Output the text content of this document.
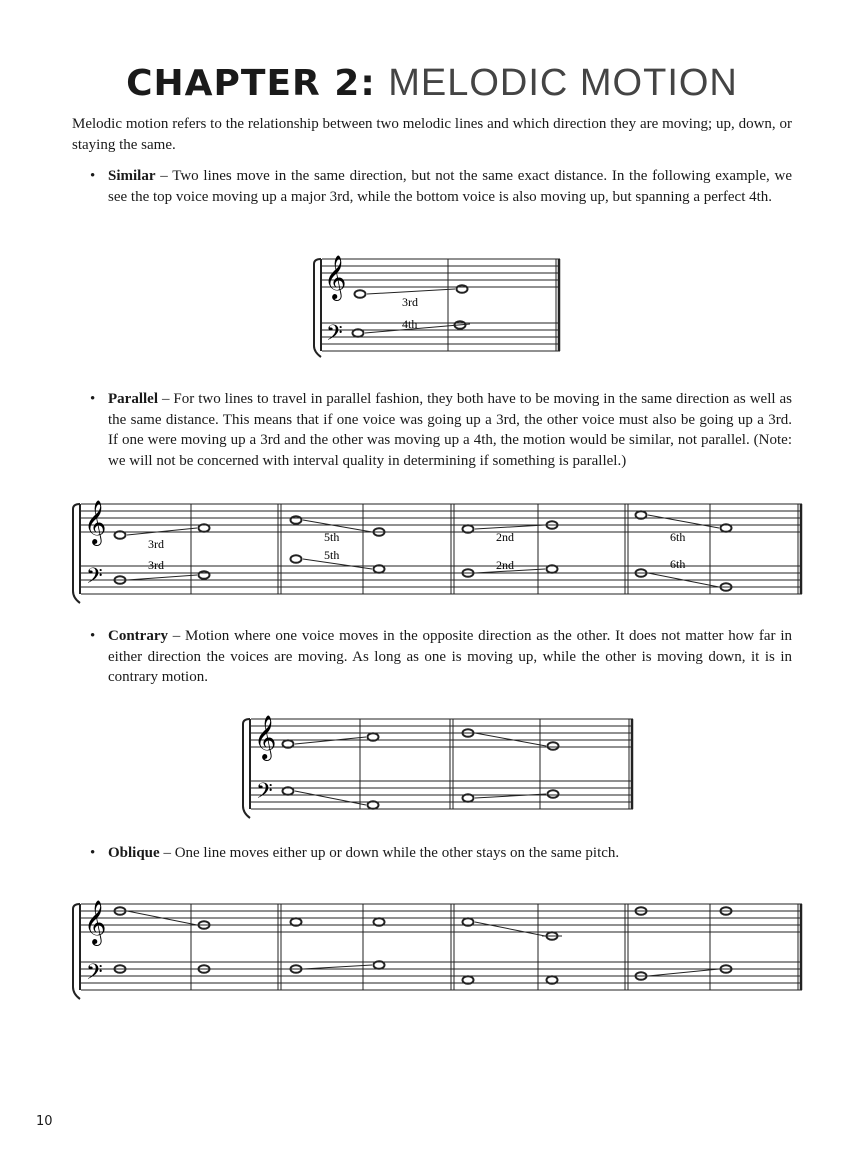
CHAPTER 2: MELODIC MOTION
Melodic motion refers to the relationship between two melodic lines and which direction they are moving; up, down, or staying the same.
• Similar – Two lines move in the same direction, but not the same exact distance. In the following example, we see the top voice moving up a major 3rd, while the bottom voice is also moving up, but spanning a perfect 4th.
• Parallel – For two lines to travel in parallel fashion, they both have to be moving in the same direction as well as the same distance. This means that if one voice was going up a 3rd, the other voice must also be going up a 3rd. If one were moving up a 3rd and the other was moving up a 4th, the motion would be similar, not parallel. (Note: we will not be concerned with interval quality in determining if something is parallel.)
• Contrary – Motion where one voice moves in the opposite direction as the other. It does not matter how far in either direction the voices are moving. As long as one is moving up, while the other is moving down, it is in contrary motion.
• Oblique – One line moves either up or down while the other stays on the same pitch.
𝄞
𝄢
3rd
4th
𝄞
𝄢
3rd
3rd
5th
5th
2nd
2nd
6th
6th
𝄞
𝄢
𝄞
𝄢
10
